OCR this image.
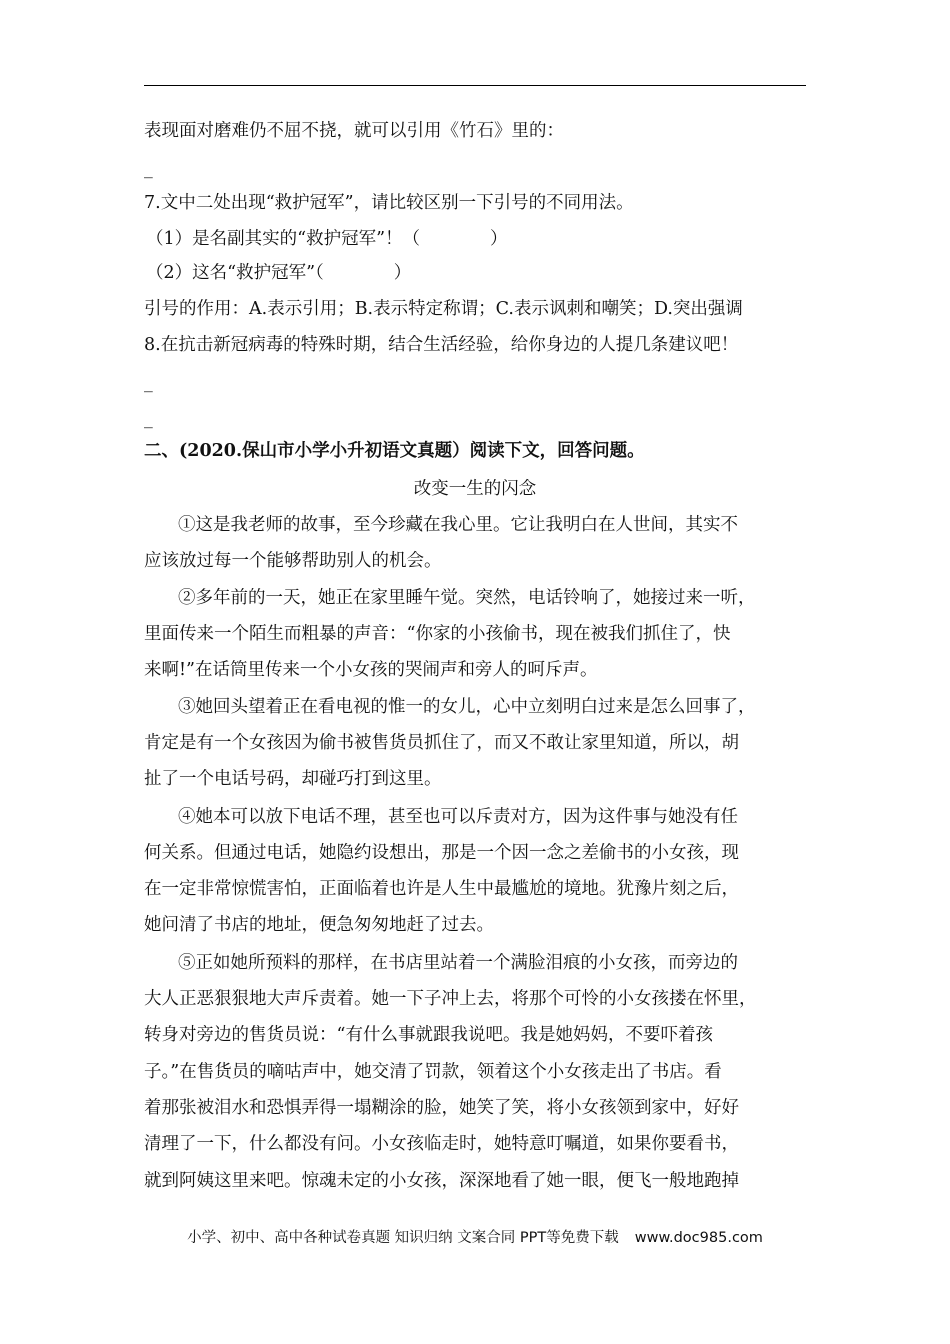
表现面对磨难仍不屈不挠，就可以引用《竹石》里的：
_
7.文中二处出现“救护冠军”，请比较区别一下引号的不同用法。
（1）是名副其实的“救护冠军”！（　　　　）
（2）这名“救护冠军”（　　　　）
引号的作用：A.表示引用；B.表示特定称谓；C.表示讽刺和嘲笑；D.突出强调
8.在抗击新冠病毒的特殊时期，结合生活经验，给你身边的人提几条建议吧！
_
_
二、(2020.保山市小学小升初语文真题）阅读下文，回答问题。
改变一生的闪念
①这是我老师的故事，至今珍藏在我心里。它让我明白在人世间，其实不
应该放过每一个能够帮助别人的机会。
②多年前的一天，她正在家里睡午觉。突然，电话铃响了，她接过来一听，
里面传来一个陌生而粗暴的声音：“你家的小孩偷书，现在被我们抓住了，快
来啊!”在话筒里传来一个小女孩的哭闹声和旁人的呵斥声。
③她回头望着正在看电视的惟一的女儿，心中立刻明白过来是怎么回事了，
肯定是有一个女孩因为偷书被售货员抓住了，而又不敢让家里知道，所以，胡
扯了一个电话号码，却碰巧打到这里。
④她本可以放下电话不理，甚至也可以斥责对方，因为这件事与她没有任
何关系。但通过电话，她隐约设想出，那是一个因一念之差偷书的小女孩，现
在一定非常惊慌害怕，正面临着也许是人生中最尴尬的境地。犹豫片刻之后，
她问清了书店的地址，便急匆匆地赶了过去。
⑤正如她所预料的那样，在书店里站着一个满脸泪痕的小女孩，而旁边的
大人正恶狠狠地大声斥责着。她一下子冲上去，将那个可怜的小女孩搂在怀里，
转身对旁边的售货员说：“有什么事就跟我说吧。我是她妈妈，不要吓着孩
子。”在售货员的嘀咕声中，她交清了罚款，领着这个小女孩走出了书店。看
着那张被泪水和恐惧弄得一塌糊涂的脸，她笑了笑，将小女孩领到家中，好好
清理了一下，什么都没有问。小女孩临走时，她特意叮嘱道，如果你要看书，
就到阿姨这里来吧。惊魂未定的小女孩，深深地看了她一眼，便飞一般地跑掉
小学、初中、高中各种试卷真题 知识归纳 文案合同 PPT等免费下载 www.doc985.com
